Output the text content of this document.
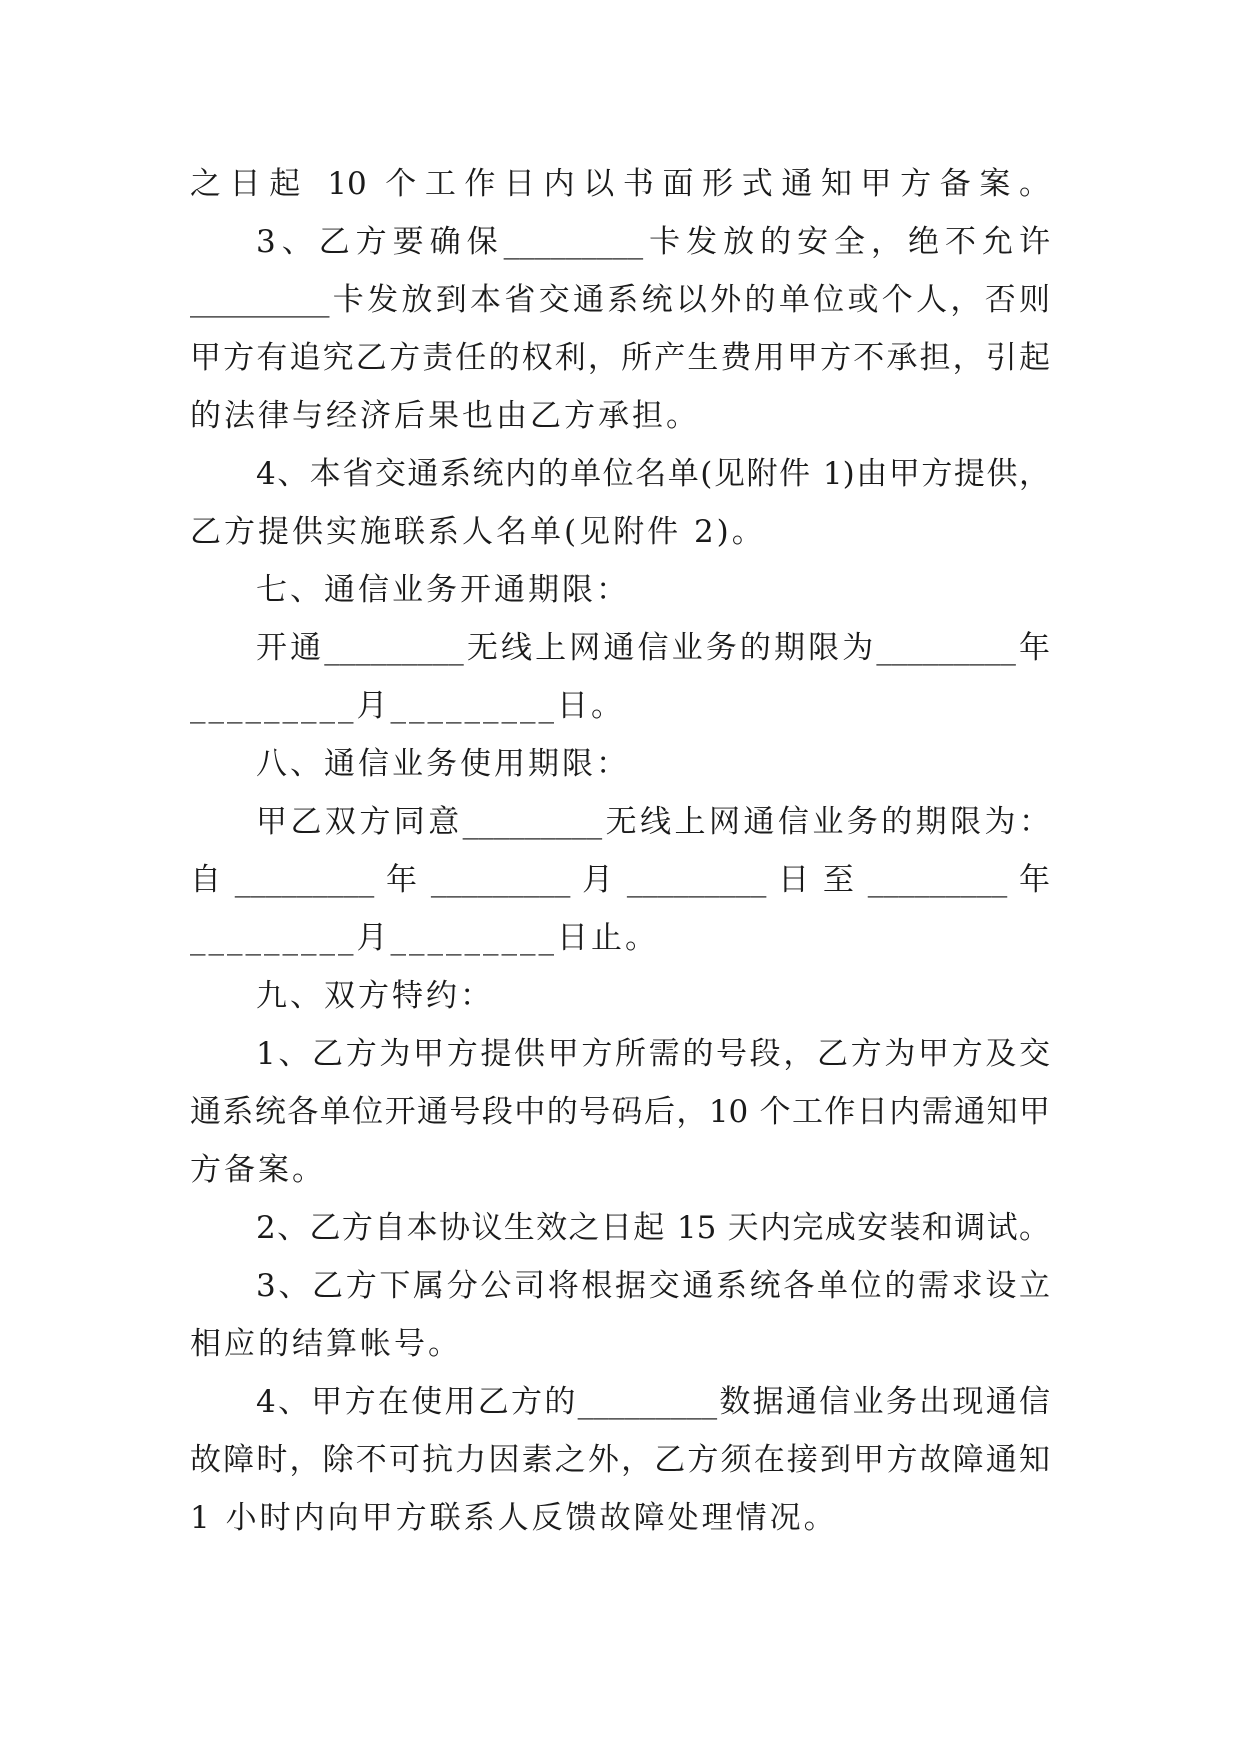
之日起 10 个工作日内以书面形式通知甲方备案。
3、乙方要确保_________卡发放的安全，绝不允许
_________卡发放到本省交通系统以外的单位或个人，否则
甲方有追究乙方责任的权利，所产生费用甲方不承担，引起
的法律与经济后果也由乙方承担。
4、本省交通系统内的单位名单(见附件 1)由甲方提供，
乙方提供实施联系人名单(见附件 2)。
七、通信业务开通期限：
开通_________无线上网通信业务的期限为_________年
_________月_________日。
八、通信业务使用期限：
甲乙双方同意_________无线上网通信业务的期限为：
自 _________ 年 _________ 月 _________ 日 至 _________ 年
_________月_________日止。
九、双方特约：
1、乙方为甲方提供甲方所需的号段，乙方为甲方及交
通系统各单位开通号段中的号码后，10 个工作日内需通知甲
方备案。
2、乙方自本协议生效之日起 15 天内完成安装和调试。
3、乙方下属分公司将根据交通系统各单位的需求设立
相应的结算帐号。
4、甲方在使用乙方的_________数据通信业务出现通信
故障时，除不可抗力因素之外，乙方须在接到甲方故障通知
1 小时内向甲方联系人反馈故障处理情况。
